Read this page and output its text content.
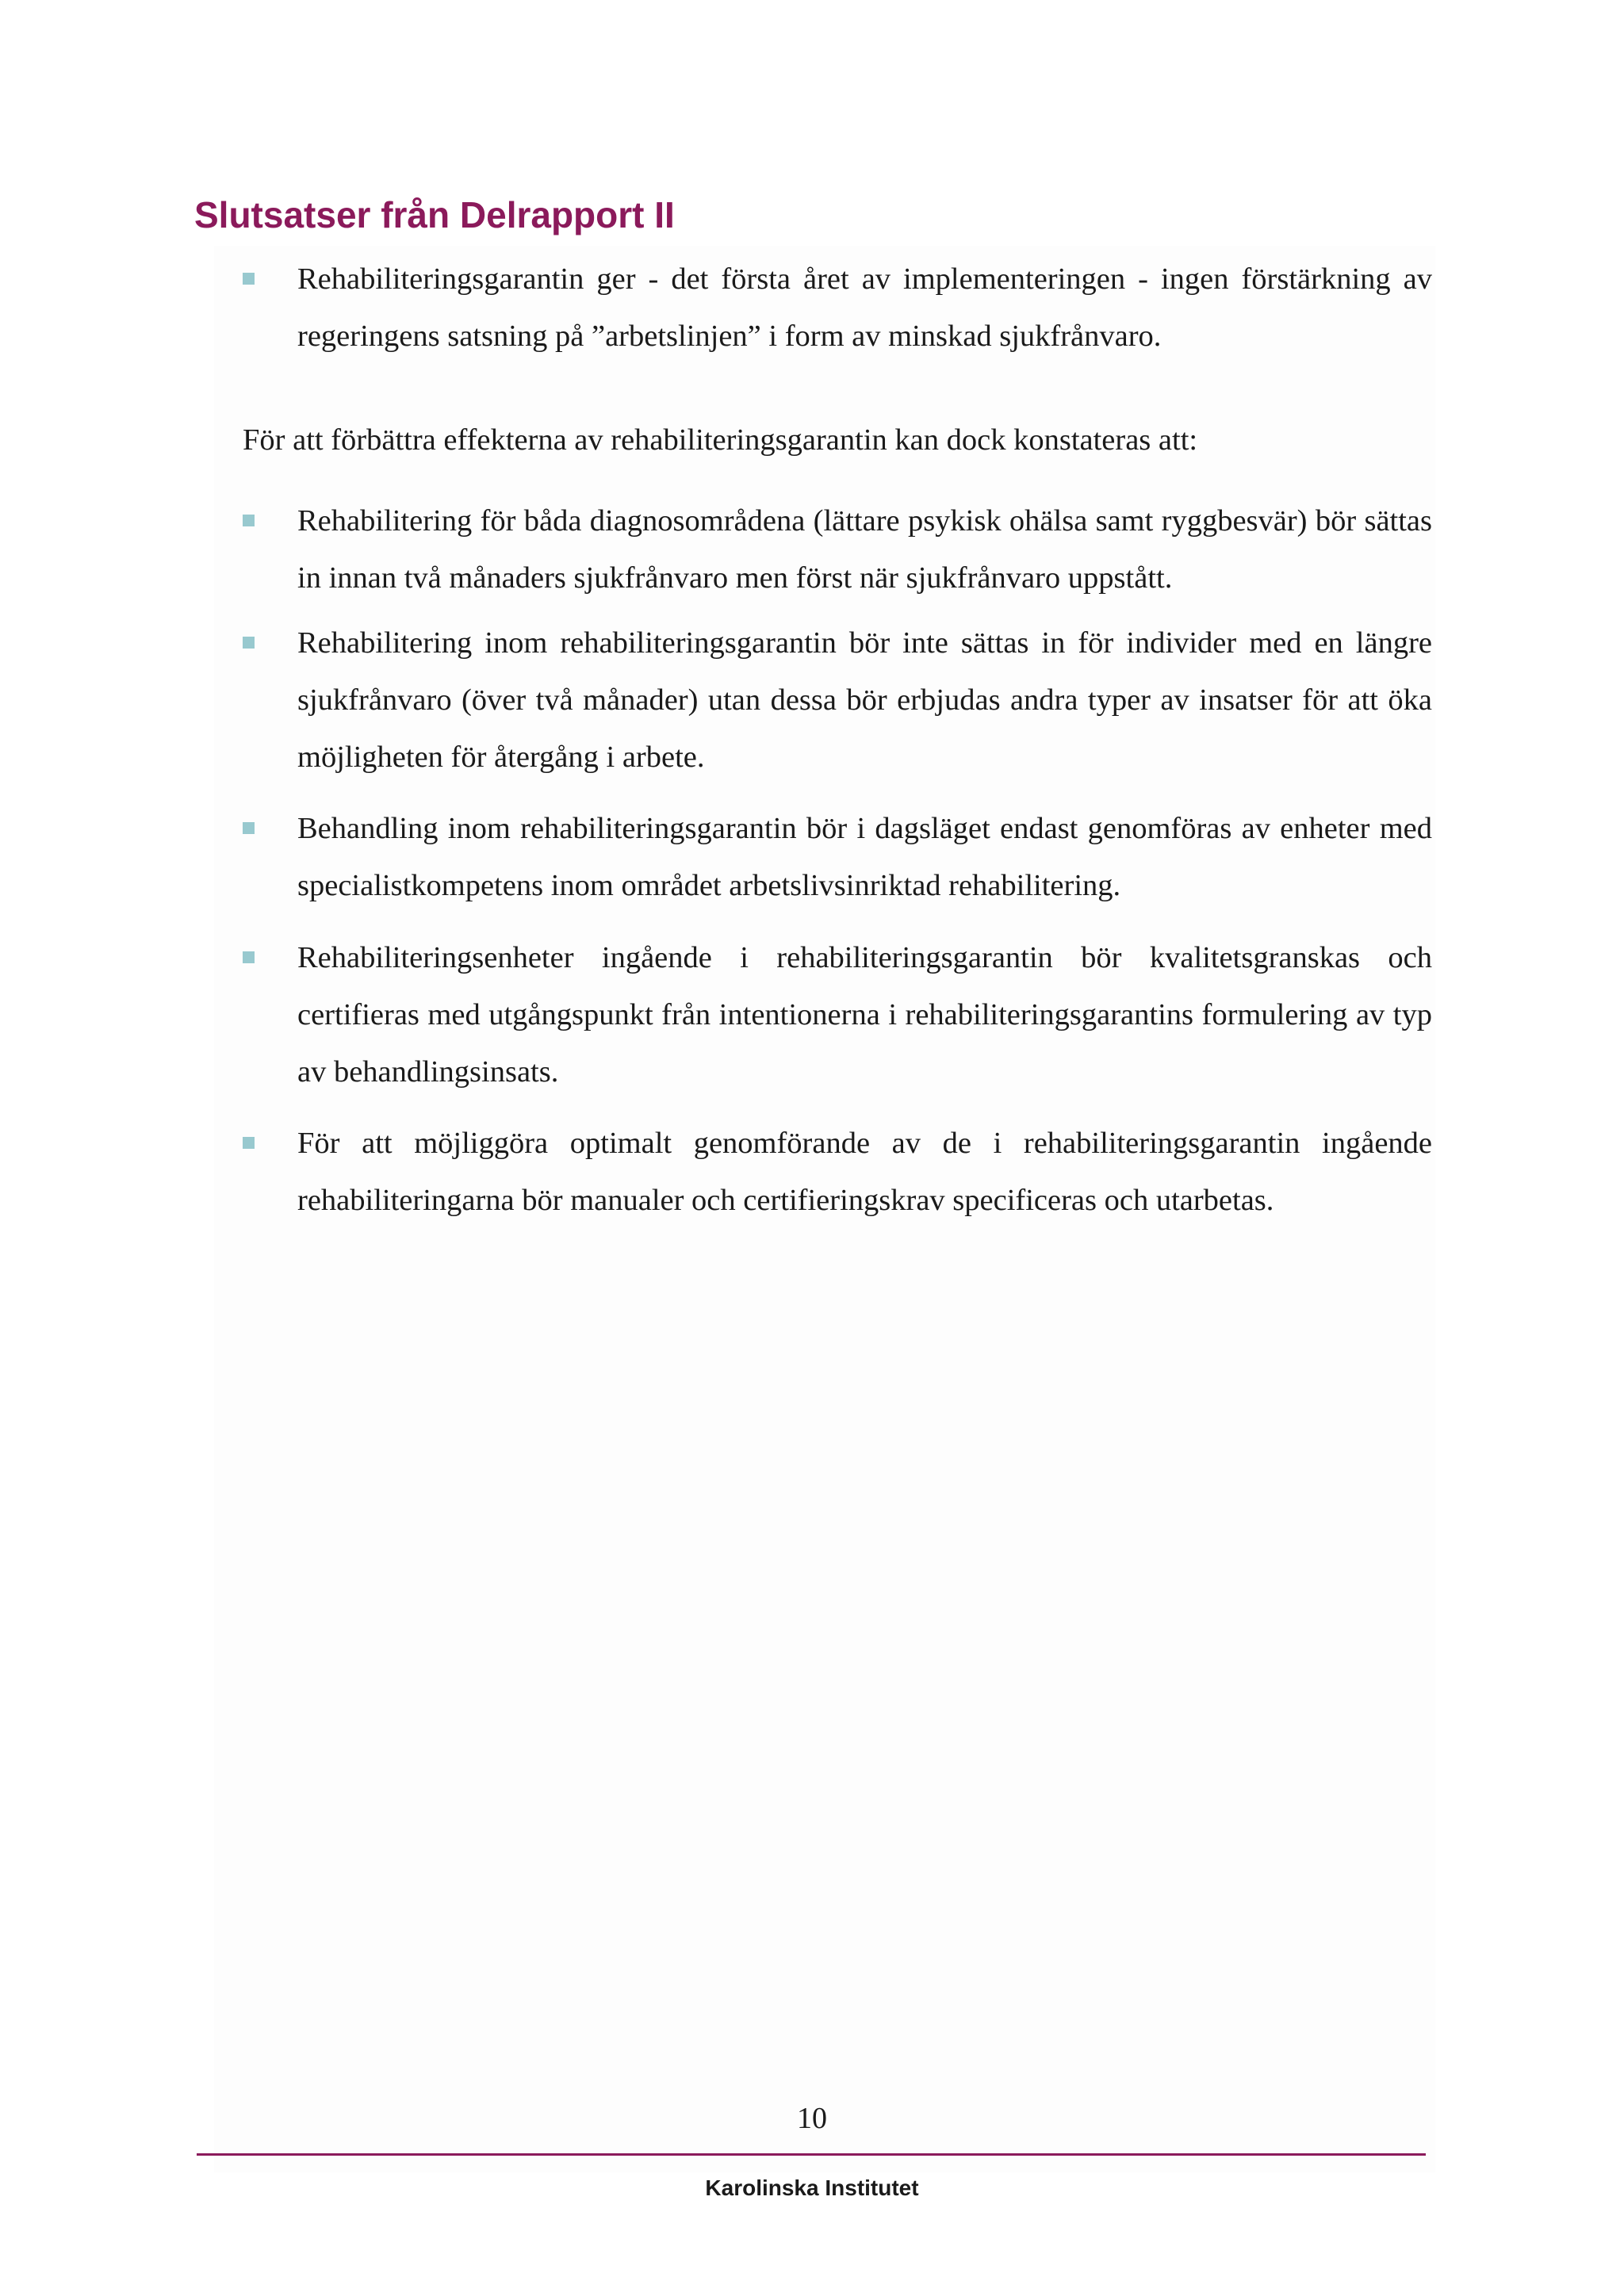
Slutsatser från Delrapport II
Rehabiliteringsgarantin ger - det första året av implementeringen - ingen förstärkning av regeringens satsning på ”arbetslinjen” i form av minskad sjukfrånvaro.
För att förbättra effekterna av rehabiliteringsgarantin kan dock konstateras att:
Rehabilitering för båda diagnosområdena (lättare psykisk ohälsa samt ryggbesvär) bör sättas in innan två månaders sjukfrånvaro men först när sjukfrånvaro uppstått.
Rehabilitering inom rehabiliteringsgarantin bör inte sättas in för individer med en längre sjukfrånvaro (över två månader) utan dessa bör erbjudas andra typer av insatser för att öka möjligheten för återgång i arbete.
Behandling inom rehabiliteringsgarantin bör i dagsläget endast genomföras av enheter med specialistkompetens inom området arbetslivsinriktad rehabilitering.
Rehabiliteringsenheter ingående i rehabiliteringsgarantin bör kvalitetsgranskas och certifieras med utgångspunkt från intentionerna i rehabiliteringsgarantins formulering av typ av behandlingsinsats.
För att möjliggöra optimalt genomförande av de i rehabiliteringsgarantin ingående rehabiliteringarna bör manualer och certifieringskrav specificeras och utarbetas.
10
Karolinska Institutet
